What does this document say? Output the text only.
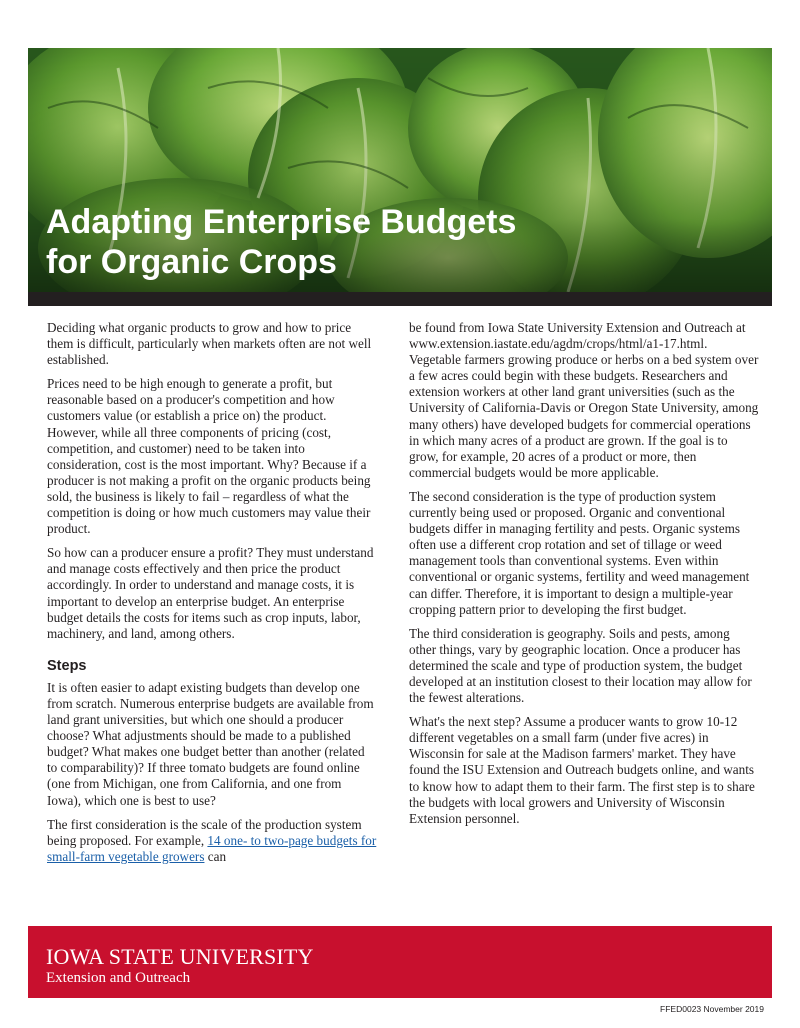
Adapting Enterprise Budgets
for Organic Crops

Deciding what organic products to grow and how to price them is difficult, particularly when markets often are not well established.

Prices need to be high enough to generate a profit, but reasonable based on a producer's competition and how customers value (or establish a price on) the product. However, while all three components of pricing (cost, competition, and customer) need to be taken into consideration, cost is the most important. Why? Because if a producer is not making a profit on the organic products being sold, the business is likely to fail – regardless of what the competition is doing or how much customers may value their product.

So how can a producer ensure a profit? They must understand and manage costs effectively and then price the product accordingly. In order to understand and manage costs, it is important to develop an enterprise budget. An enterprise budget details the costs for items such as crop inputs, labor, machinery, and land, among others.

Steps

It is often easier to adapt existing budgets than develop one from scratch. Numerous enterprise budgets are available from land grant universities, but which one should a producer choose? What adjustments should be made to a published budget? What makes one budget better than another (related to comparability)? If three tomato budgets are found online (one from Michigan, one from California, and one from Iowa), which one is best to use?

The first consideration is the scale of the production system being proposed. For example, 14 one- to two-page budgets for small-farm vegetable growers can

be found from Iowa State University Extension and Outreach at www.extension.iastate.edu/agdm/crops/html/a1-17.html. Vegetable farmers growing produce or herbs on a bed system over a few acres could begin with these budgets. Researchers and extension workers at other land grant universities (such as the University of California-Davis or Oregon State University, among many others) have developed budgets for commercial operations in which many acres of a product are grown. If the goal is to grow, for example, 20 acres of a product or more, then commercial budgets would be more applicable.

The second consideration is the type of production system currently being used or proposed. Organic and conventional budgets differ in managing fertility and pests. Organic systems often use a different crop rotation and set of tillage or weed management tools than conventional systems. Even within conventional or organic systems, fertility and weed management can differ. Therefore, it is important to design a multiple-year cropping pattern prior to developing the first budget.

The third consideration is geography. Soils and pests, among other things, vary by geographic location. Once a producer has determined the scale and type of production system, the budget developed at an institution closest to their location may allow for the fewest alterations.

What's the next step? Assume a producer wants to grow 10-12 different vegetables on a small farm (under five acres) in Wisconsin for sale at the Madison farmers' market. They have found the ISU Extension and Outreach budgets online, and wants to know how to adapt them to their farm. The first step is to share the budgets with local growers and University of Wisconsin Extension personnel.

IOWA STATE UNIVERSITY
Extension and Outreach
FFED0023 November 2019
